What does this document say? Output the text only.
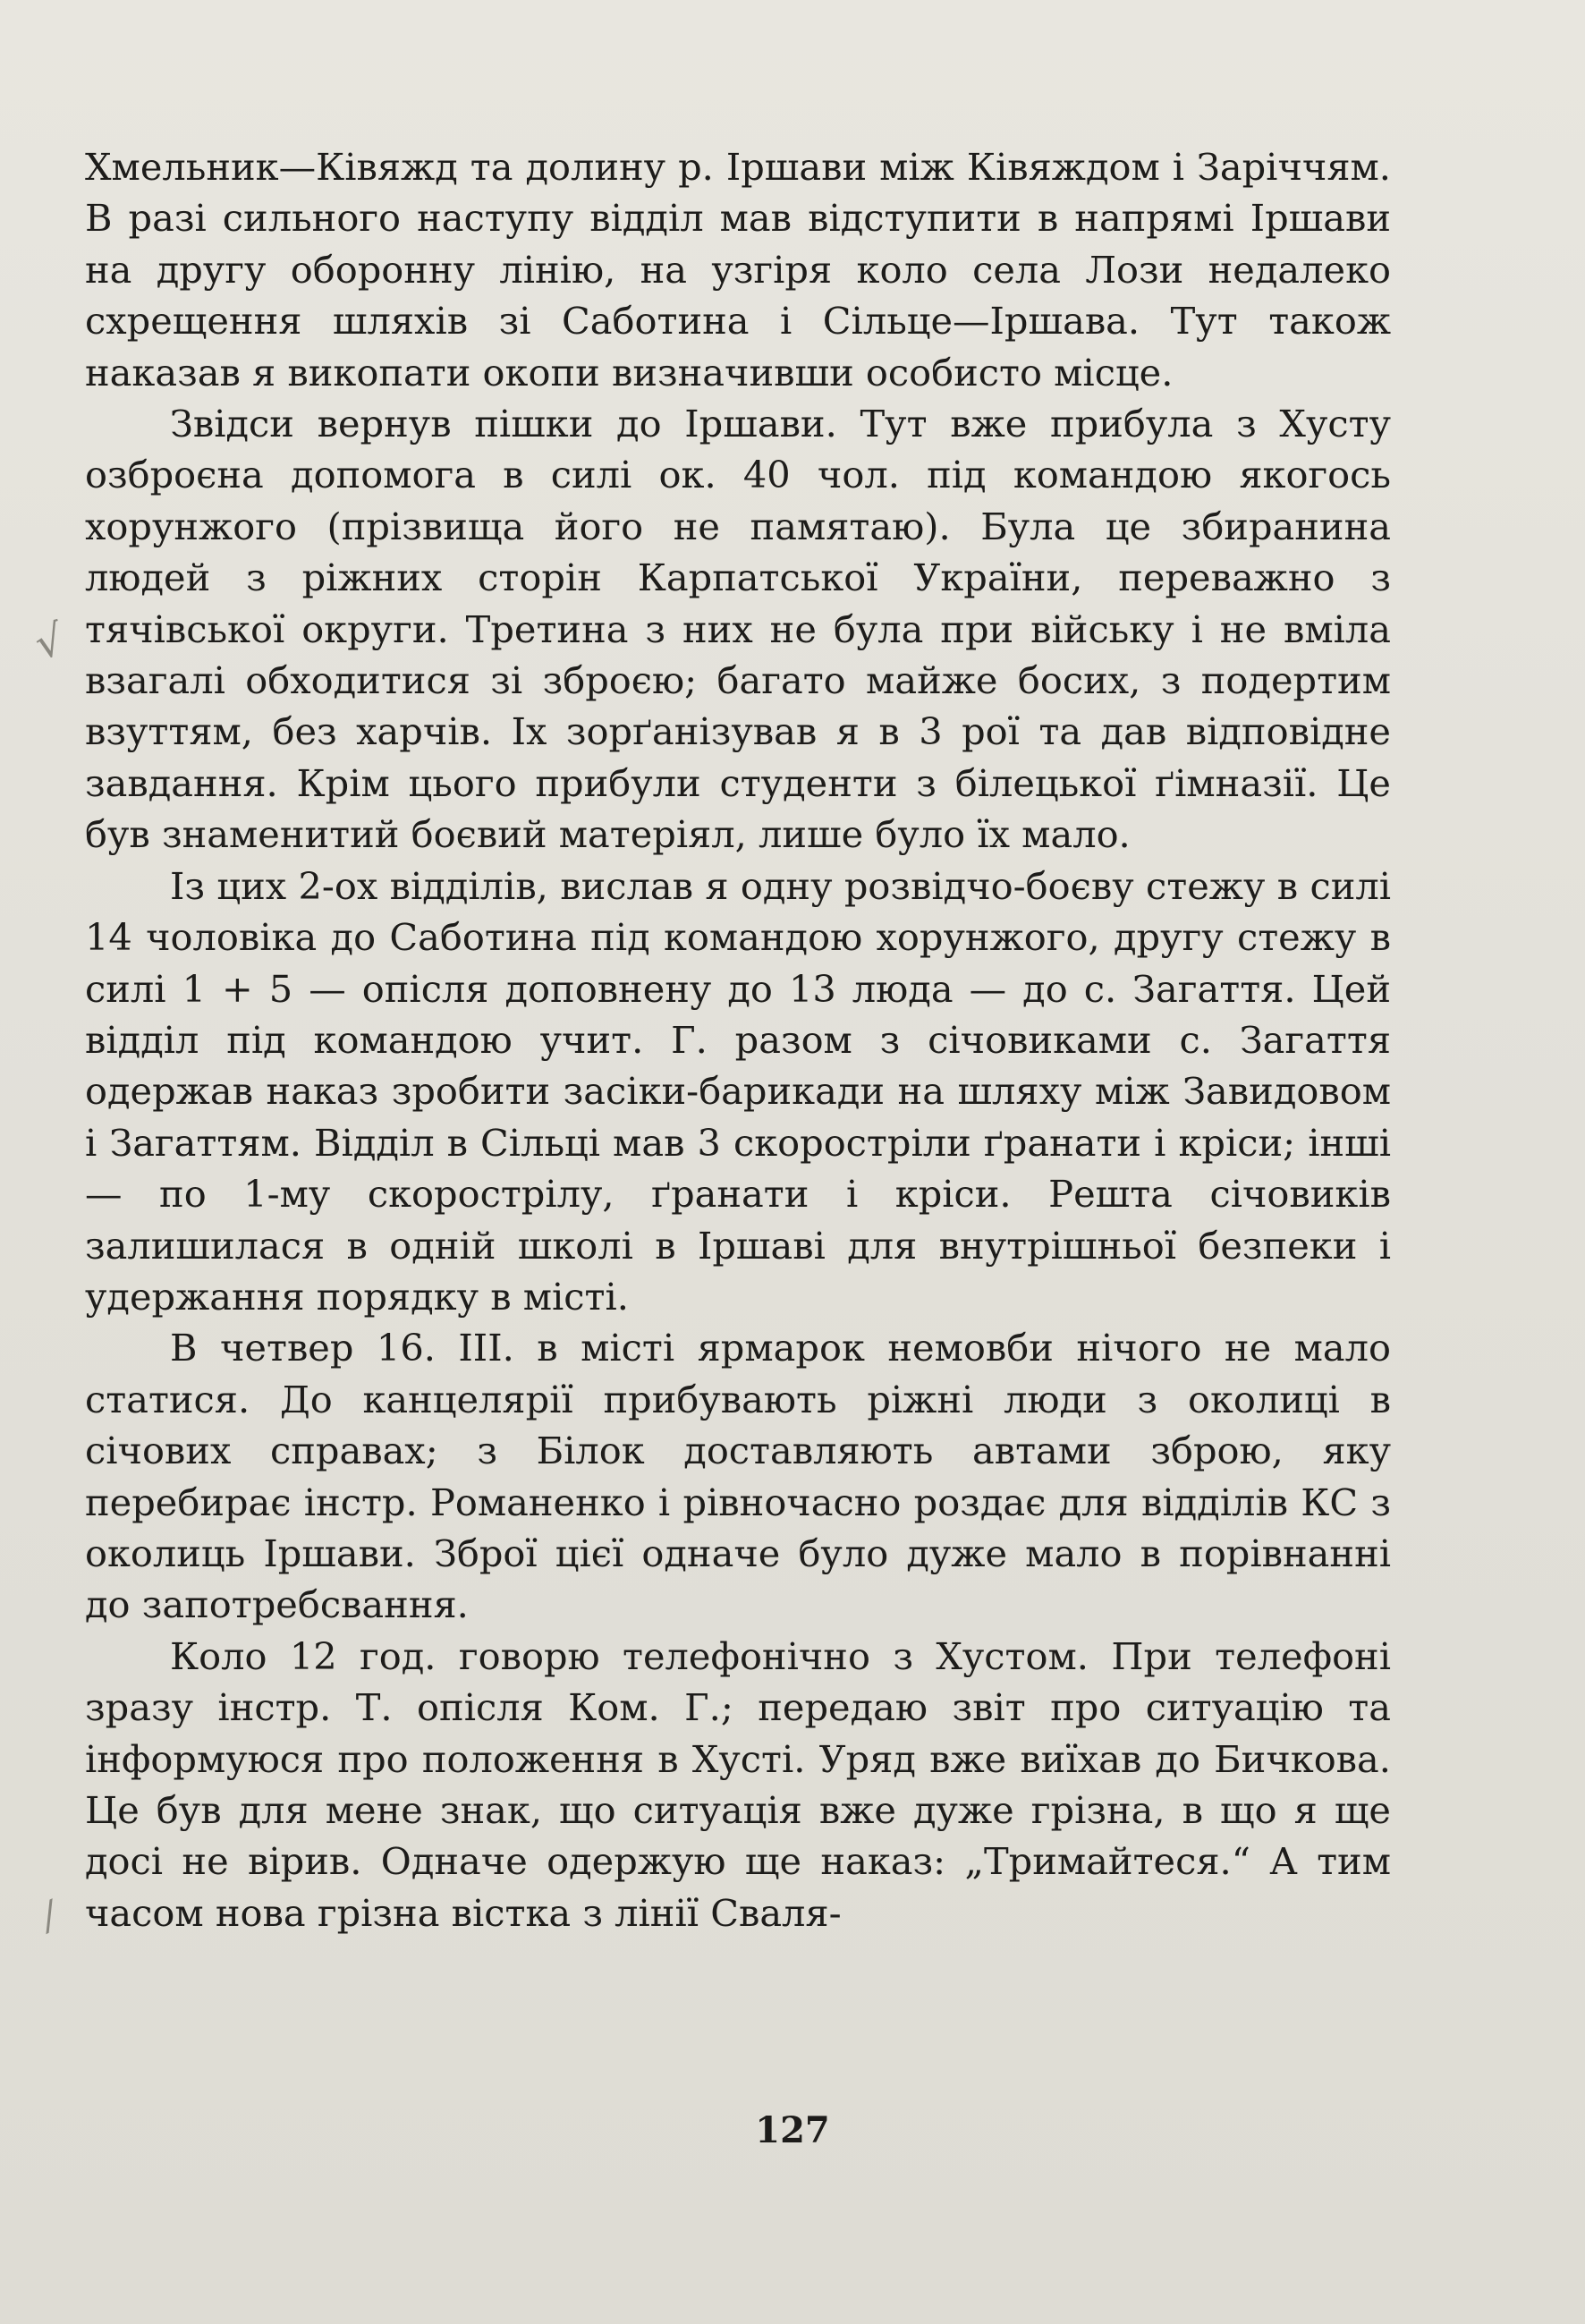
Хмельник—Ківяжд та долину р. Іршави між Ківяждом і Заріччям. В разі сильного наступу відділ мав відступити в напрямі Іршави на другу оборонну лінію, на узгіря коло села Лози недалеко схрещення шляхів зі Саботина і Сільце—Іршава. Тут також наказав я викопати окопи визначивши особисто місце.

Звідси вернув пішки до Іршави. Тут вже прибула з Хусту озброєна допомога в силі ок. 40 чол. під командою якогось хорунжого (прізвища його не памятаю). Була це збиранина людей з ріжних сторін Карпатської України, переважно з тячівської округи. Третина з них не була при війську і не вміла взагалі обходитися зі зброєю; багато майже босих, з подертим взуттям, без харчів. Іх зорґанізував я в 3 рої та дав відповідне завдання. Крім цього прибули студенти з білецької ґімназії. Це був знаменитий боєвий матеріял, лише було їх мало.

Із цих 2-ох відділів, вислав я одну розвідчо-боєву стежу в силі 14 чоловіка до Саботина під командою хорунжого, другу стежу в силі 1 + 5 — опісля доповнену до 13 люда — до с. Загаття. Цей відділ під командою учит. Г. разом з січовиками с. Загаття одержав наказ зробити засіки-барикади на шляху між Завидовом і Загаттям. Відділ в Сільці мав 3 скорострiли ґранати і кріси; інші — по 1-му скорострілу, ґранати і кріси. Решта січовиків залишилася в одній школі в Іршаві для внутрішньої безпеки і удержання порядку в місті.

В четвер 16. III. в місті ярмарок немовби нічого не мало статися. До канцелярії прибувають ріжні люди з околиці в січових справах; з Білок доставляють автами зброю, яку перебирає інстр. Романенко і рівночасно роздає для відділів КС з околиць Іршави. Зброї цієї одначе було дуже мало в порівнанні до запотребсвання.

Коло 12 год. говорю телефонічно з Хустом. При телефоні зразу інстр. Т. опісля Ком. Г.; передаю звіт про ситуацію та інформуюся про положення в Хусті. Уряд вже виїхав до Бичкова. Це був для мене знак, що ситуація вже дуже грізна, в що я ще досі не вірив. Одначе одержую ще наказ: „Тримайтеся.“ А тим часом нова грізна вістка з лінії Сваля-

√
⁄
127
